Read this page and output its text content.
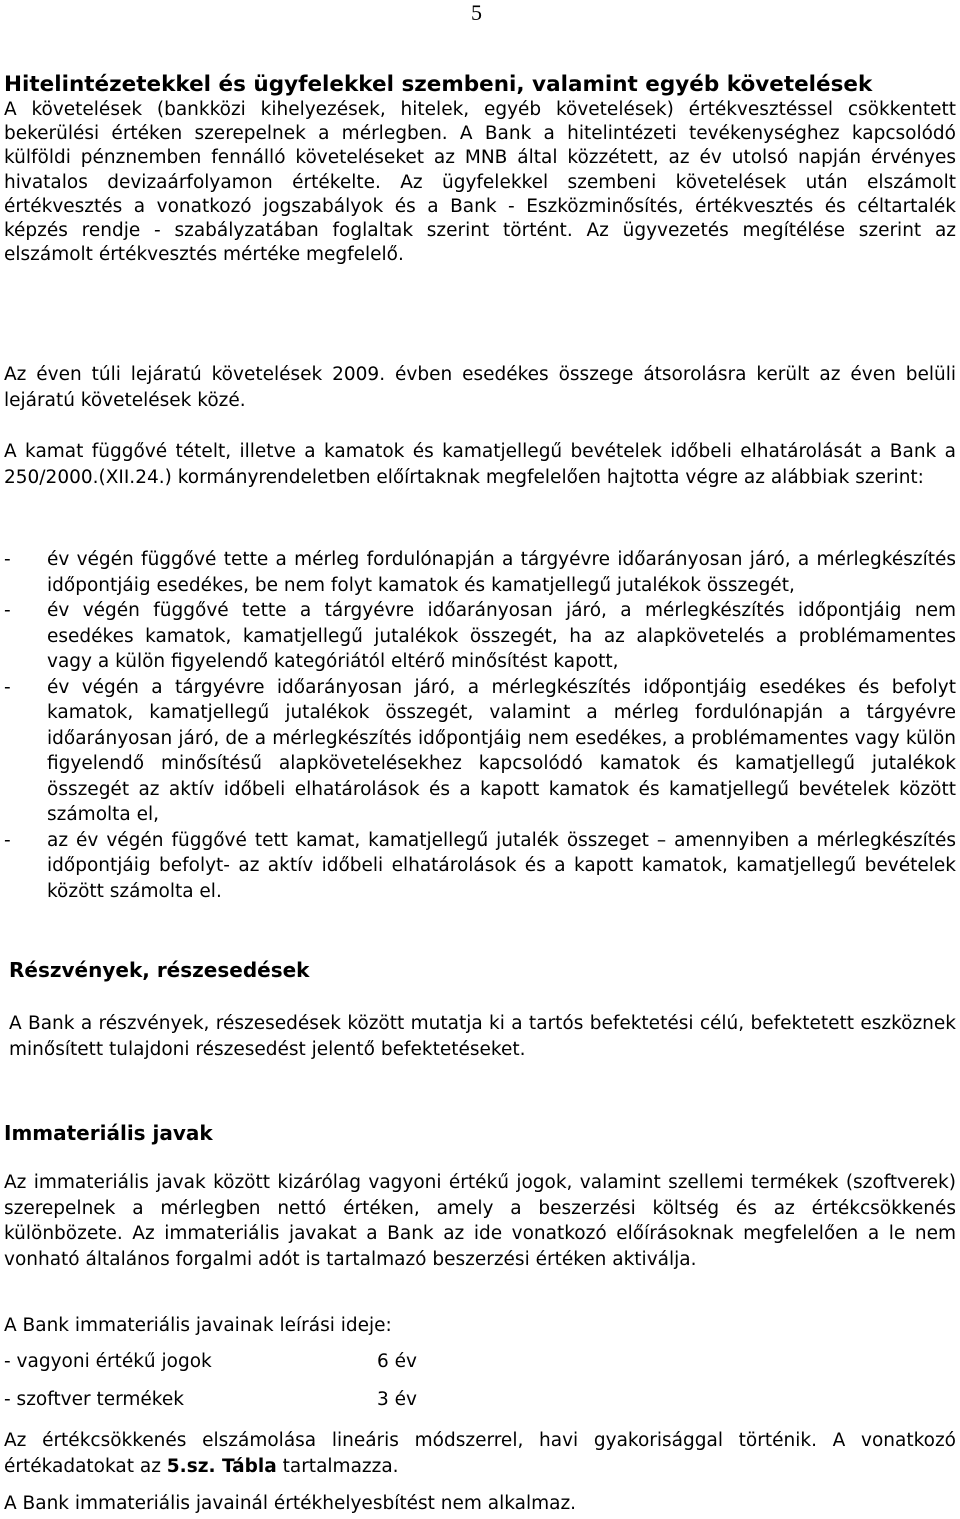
5
Hitelintézetekkel és ügyfelekkel szembeni, valamint egyéb követelések

A követelések (bankközi kihelyezések, hitelek, egyéb követelések) értékvesztéssel csökkentett bekerülési értéken szerepelnek a mérlegben. A Bank a hitelintézeti tevékenységhez kapcsolódó külföldi pénznemben fennálló követeléseket az MNB által közzétett, az év utolsó napján érvényes hivatalos devizaárfolyamon értékelte. Az ügyfelekkel szembeni követelések után elszámolt értékvesztés a vonatkozó jogszabályok és a Bank - Eszközminősítés, értékvesztés és céltartalék képzés rendje - szabályzatában foglaltak szerint történt. Az ügyvezetés megítélése szerint az elszámolt értékvesztés mértéke megfelelő.

Az éven túli lejáratú követelések 2009. évben esedékes összege átsorolásra került az éven belüli lejáratú követelések közé.

A kamat függővé tételt, illetve a kamatok és kamatjellegű bevételek időbeli elhatárolását a Bank a 250/2000.(XII.24.) kormányrendeletben előírtaknak megfelelően hajtotta végre az alábbiak szerint:

- év végén függővé tette a mérleg fordulónapján a tárgyévre időarányosan járó, a mérlegkészítés időpontjáig esedékes, be nem folyt kamatok és kamatjellegű jutalékok összegét,
- év végén függővé tette a tárgyévre időarányosan járó, a mérlegkészítés időpontjáig nem esedékes kamatok, kamatjellegű jutalékok összegét, ha az alapkövetelés a problémamentes vagy a külön figyelendő kategóriától eltérő minősítést kapott,
- év végén a tárgyévre időarányosan járó, a mérlegkészítés időpontjáig esedékes és befolyt kamatok, kamatjellegű jutalékok összegét, valamint a mérleg fordulónapján a tárgyévre időarányosan járó, de a mérlegkészítés időpontjáig nem esedékes, a problémamentes vagy külön figyelendő minősítésű alapkövetelésekhez kapcsolódó kamatok és kamatjellegű jutalékok összegét az aktív időbeli elhatárolások és a kapott kamatok és kamatjellegű bevételek között számolta el,
- az év végén függővé tett kamat, kamatjellegű jutalék összeget – amennyiben a mérlegkészítés időpontjáig befolyt- az aktív időbeli elhatárolások és a kapott kamatok, kamatjellegű bevételek között számolta el.
Részvények, részesedések

A Bank a részvények, részesedések között mutatja ki a tartós befektetési célú, befektetett eszköznek minősített tulajdoni részesedést jelentő befektetéseket.

Immateriális javak

Az immateriális javak között kizárólag vagyoni értékű jogok, valamint szellemi termékek (szoftverek) szerepelnek a mérlegben nettó értéken, amely a beszerzési költség és az értékcsökkenés különbözete. Az immateriális javakat a Bank az ide vonatkozó előírásoknak megfelelően a le nem vonható általános forgalmi adót is tartalmazó beszerzési értéken aktiválja.

A Bank immateriális javainak leírási ideje:

- vagyoni értékű jogok	6 év
- szoftver termékek	3 év

Az értékcsökkenés elszámolása lineáris módszerrel, havi gyakorisággal történik. A vonatkozó értékadatokat az 5.sz. Tábla tartalmazza.

A Bank immateriális javainál értékhelyesbítést nem alkalmaz.
